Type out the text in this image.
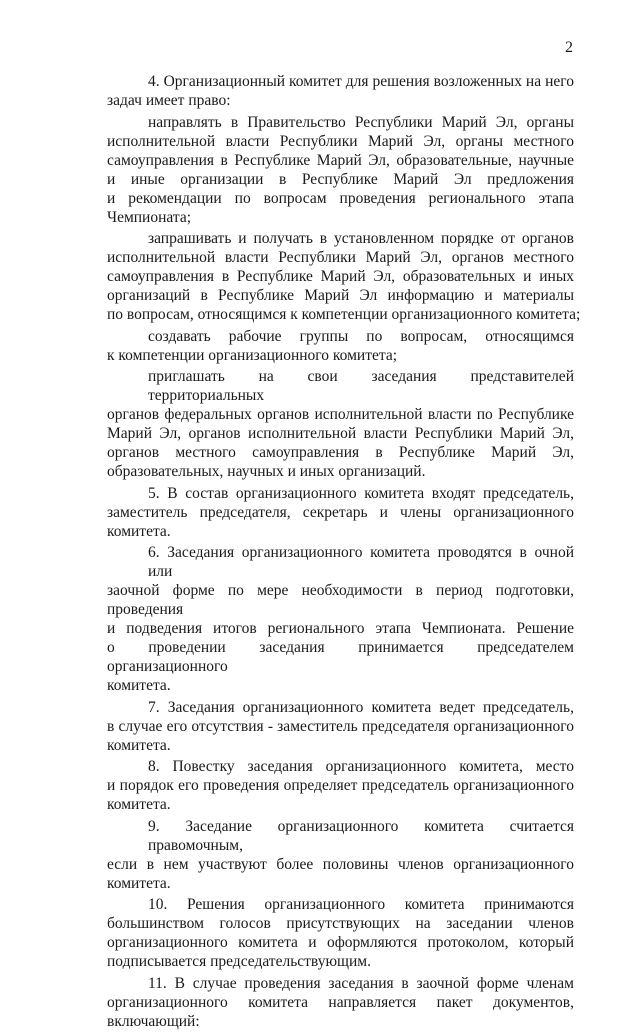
2

4. Организационный комитет для решения возложенных на него
задач имеет право:

направлять в Правительство Республики Марий Эл, органы
исполнительной власти Республики Марий Эл, органы местного
самоуправления в Республике Марий Эл, образовательные, научные
и иные организации в Республике Марий Эл предложения
и рекомендации по вопросам проведения регионального этапа
Чемпионата;

запрашивать и получать в установленном порядке от органов
исполнительной власти Республики Марий Эл, органов местного
самоуправления в Республике Марий Эл, образовательных и иных
организаций в Республике Марий Эл информацию и материалы
по вопросам, относящимся к компетенции организационного комитета;

создавать рабочие группы по вопросам, относящимся
к компетенции организационного комитета;

приглашать на свои заседания представителей территориальных
органов федеральных органов исполнительной власти по Республике
Марий Эл, органов исполнительной власти Республики Марий Эл,
органов местного самоуправления в Республике Марий Эл,
образовательных, научных и иных организаций.

5. В состав организационного комитета входят председатель,
заместитель председателя, секретарь и члены организационного
комитета.

6. Заседания организационного комитета проводятся в очной или
заочной форме по мере необходимости в период подготовки, проведения
и подведения итогов регионального этапа Чемпионата. Решение
о проведении заседания принимается председателем организационного
комитета.

7. Заседания организационного комитета ведет председатель,
в случае его отсутствия - заместитель председателя организационного
комитета.

8. Повестку заседания организационного комитета, место
и порядок его проведения определяет председатель организационного
комитета.

9. Заседание организационного комитета считается правомочным,
если в нем участвуют более половины членов организационного
комитета.

10. Решения организационного комитета принимаются
большинством голосов присутствующих на заседании членов
организационного комитета и оформляются протоколом, который
подписывается председательствующим.

11. В случае проведения заседания в заочной форме членам
организационного комитета направляется пакет документов,
включающий:
